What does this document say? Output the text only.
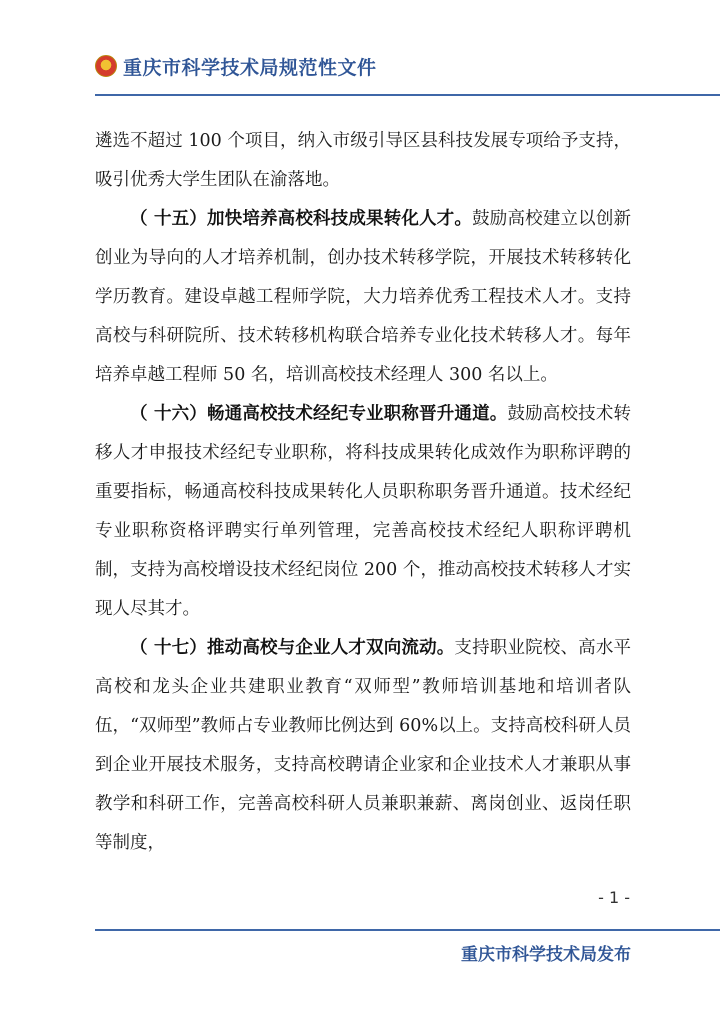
重庆市科学技术局规范性文件

遴选不超过 100 个项目，纳入市级引导区县科技发展专项给予支持，吸引优秀大学生团队在渝落地。

（ 十五）加快培养高校科技成果转化人才。鼓励高校建立以创新创业为导向的人才培养机制，创办技术转移学院，开展技术转移转化学历教育。建设卓越工程师学院，大力培养优秀工程技术人才。支持高校与科研院所、技术转移机构联合培养专业化技术转移人才。每年培养卓越工程师 50 名，培训高校技术经理人 300 名以上。

（ 十六）畅通高校技术经纪专业职称晋升通道。鼓励高校技术转移人才申报技术经纪专业职称，将科技成果转化成效作为职称评聘的重要指标，畅通高校科技成果转化人员职称职务晋升通道。技术经纪专业职称资格评聘实行单列管理，完善高校技术经纪人职称评聘机制，支持为高校增设技术经纪岗位 200 个，推动高校技术转移人才实现人尽其才。

（ 十七）推动高校与企业人才双向流动。支持职业院校、高水平高校和龙头企业共建职业教育“双师型”教师培训基地和培训者队伍，“双师型”教师占专业教师比例达到 60%以上。支持高校科研人员到企业开展技术服务，支持高校聘请企业家和企业技术人才兼职从事教学和科研工作，完善高校科研人员兼职兼薪、离岗创业、返岗任职等制度，

- 1 -
重庆市科学技术局发布
